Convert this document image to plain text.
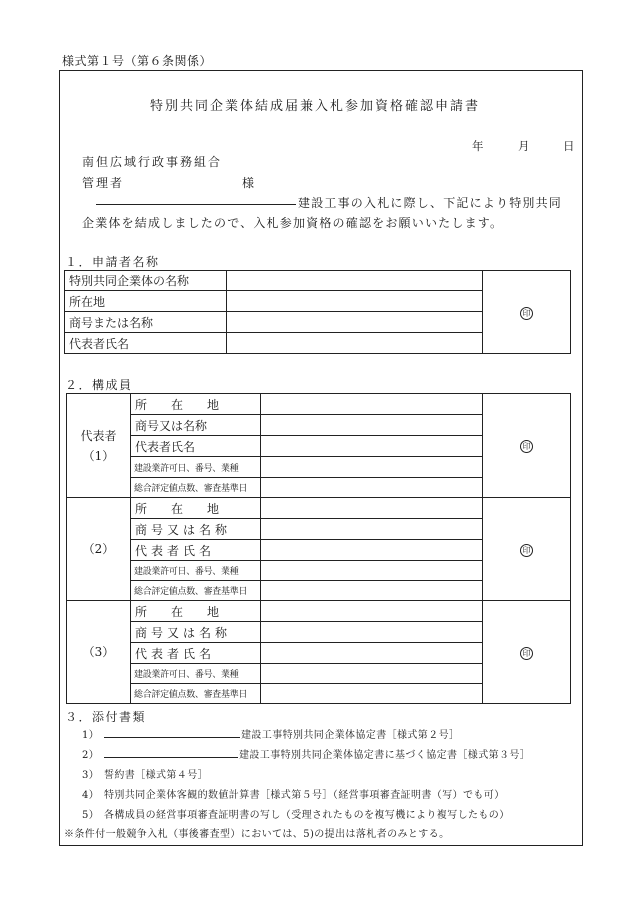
様式第１号（第６条関係）
特別共同企業体結成届兼入札参加資格確認申請書
年	月	日
南但広域行政事務組合
管理者	様
建設工事の入札に際し、下記により特別共同
企業体を結成しましたので、入札参加資格の確認をお願いいたします。
１．申請者名称
特別共同企業体の名称		印
所在地		
商号または名称		
代表者氏名		
２．構成員
代表者
（1）	所　　在　　地		印
	商号又は名称		
	代表者氏名		
	建設業許可日、番号、業種		
	総合評定値点数、審査基準日		

（2）	所　　在　　地		印
	商号又は名称		
	代表者氏名		
	建設業許可日、番号、業種		
	総合評定値点数、審査基準日		

（3）	所　　在　　地		印
	商号又は名称		
	代表者氏名		
	建設業許可日、番号、業種		
	総合評定値点数、審査基準日		
３．添付書類
1）	建設工事特別共同企業体協定書［様式第２号］
2）	建設工事特別共同企業体協定書に基づく協定書［様式第３号］
3） 誓約書［様式第４号］
4） 特別共同企業体客観的数値計算書［様式第５号］（経営事項審査証明書（写）でも可）
5） 各構成員の経営事項審査証明書の写し（受理されたものを複写機により複写したもの）
※条件付一般競争入札（事後審査型）においては、5)の提出は落札者のみとする。
